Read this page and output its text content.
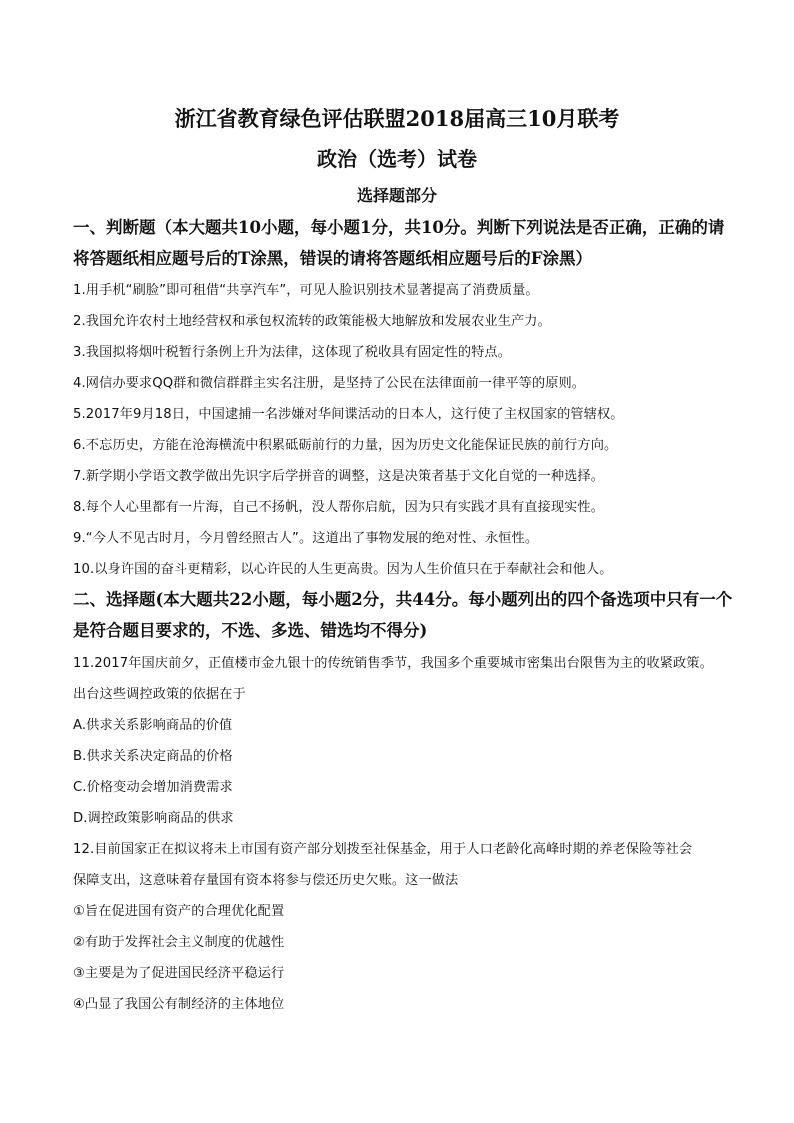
浙江省教育绿色评估联盟2018届高三10月联考
政治（选考）试卷
选择题部分
一、判断题（本大题共10小题，每小题1分，共10分。判断下列说法是否正确，正确的请
将答题纸相应题号后的T涂黑，错误的请将答题纸相应题号后的F涂黑）
1.用手机“刷脸”即可租借“共享汽车”，可见人脸识别技术显著提高了消费质量。
2.我国允许农村土地经营权和承包权流转的政策能极大地解放和发展农业生产力。
3.我国拟将烟叶税暂行条例上升为法律，这体现了税收具有固定性的特点。
4.网信办要求QQ群和微信群群主实名注册，是坚持了公民在法律面前一律平等的原则。
5.2017年9月18日，中国逮捕一名涉嫌对华间谍活动的日本人，这行使了主权国家的管辖权。
6.不忘历史，方能在沧海横流中积累砥砺前行的力量，因为历史文化能保证民族的前行方向。
7.新学期小学语文教学做出先识字后学拼音的调整，这是决策者基于文化自觉的一种选择。
8.每个人心里都有一片海，自己不扬帆，没人帮你启航，因为只有实践才具有直接现实性。
9.“今人不见古时月，今月曾经照古人”。这道出了事物发展的绝对性、永恒性。
10.以身许国的奋斗更精彩，以心许民的人生更高贵。因为人生价值只在于奉献社会和他人。
二、选择题(本大题共22小题，每小题2分，共44分。每小题列出的四个备选项中只有一个
是符合题目要求的，不选、多选、错选均不得分)
11.2017年国庆前夕，正值楼市金九银十的传统销售季节，我国多个重要城市密集出台限售为主的收紧政策。
出台这些调控政策的依据在于
A.供求关系影响商品的价值
B.供求关系决定商品的价格
C.价格变动会增加消费需求
D.调控政策影响商品的供求
12.目前国家正在拟议将未上市国有资产部分划拨至社保基金，用于人口老龄化高峰时期的养老保险等社会
保障支出，这意味着存量国有资本将参与偿还历史欠账。这一做法
①旨在促进国有资产的合理优化配置
②有助于发挥社会主义制度的优越性
③主要是为了促进国民经济平稳运行
④凸显了我国公有制经济的主体地位
